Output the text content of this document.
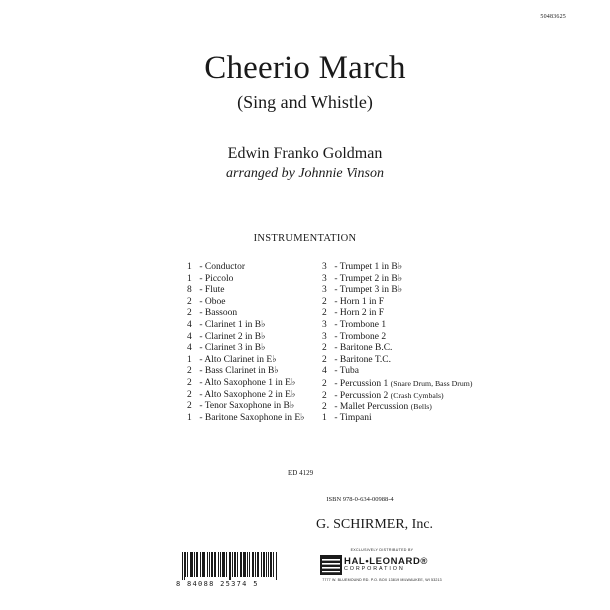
50483625
Cheerio March
(Sing and Whistle)
Edwin Franko Goldman
arranged by Johnnie Vinson
INSTRUMENTATION
1 - Conductor
1 - Piccolo
8 - Flute
2 - Oboe
2 - Bassoon
4 - Clarinet 1 in B♭
4 - Clarinet 2 in B♭
4 - Clarinet 3 in B♭
1 - Alto Clarinet in E♭
2 - Bass Clarinet in B♭
2 - Alto Saxophone 1 in E♭
2 - Alto Saxophone 2 in E♭
2 - Tenor Saxophone in B♭
1 - Baritone Saxophone in E♭
3 - Trumpet 1 in B♭
3 - Trumpet 2 in B♭
3 - Trumpet 3 in B♭
2 - Horn 1 in F
2 - Horn 2 in F
3 - Trombone 1
3 - Trombone 2
2 - Baritone B.C.
2 - Baritone T.C.
4 - Tuba
2 - Percussion 1 (Snare Drum, Bass Drum)
2 - Percussion 2 (Crash Cymbals)
2 - Mallet Percussion (Bells)
1 - Timpani
ED 4129
ISBN 978-0-634-00988-4
G. SCHIRMER, Inc.
8 84088 25374 5
EXCLUSIVELY DISTRIBUTED BY
HAL•LEONARD®
CORPORATION
7777 W. BLUEMOUND RD. P.O. BOX 13819 MILWAUKEE, WI 53213
